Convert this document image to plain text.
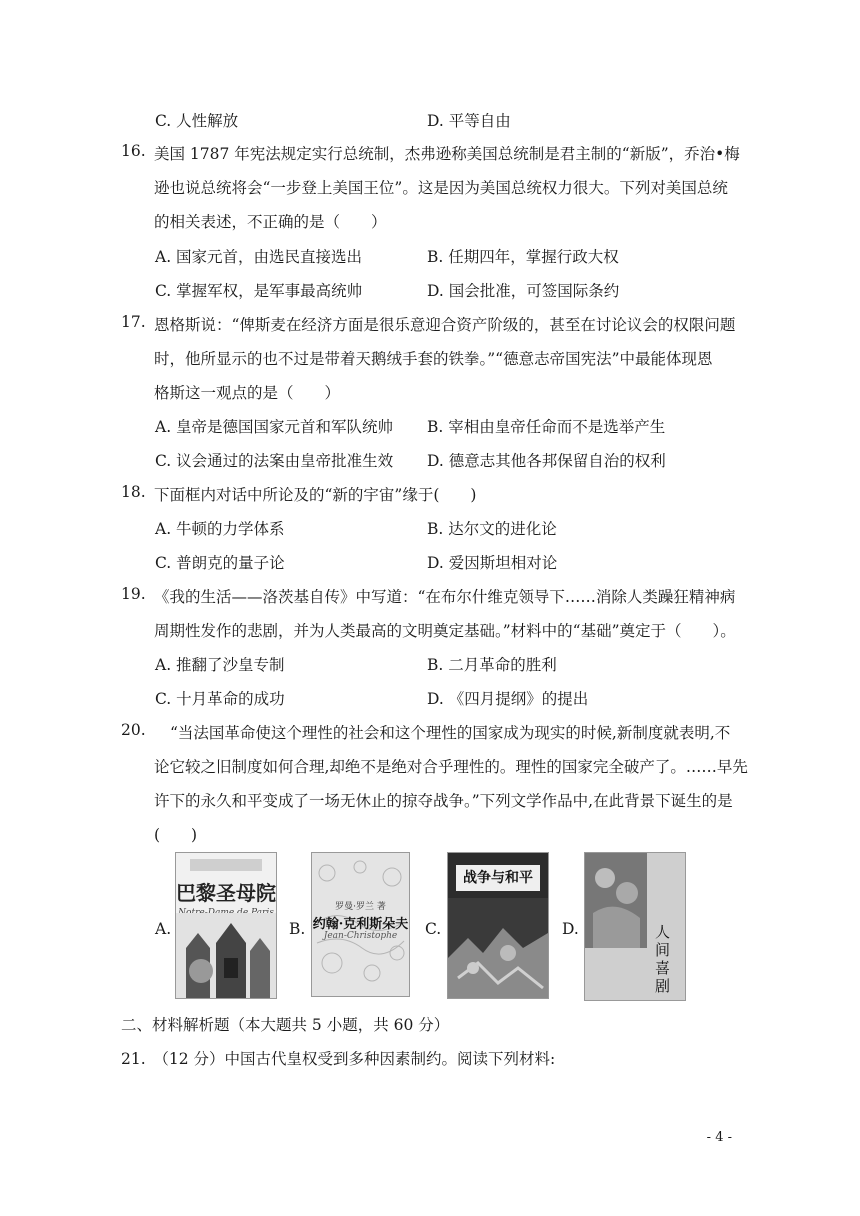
C. 人性解放	D. 平等自由
16. 美国 1787 年宪法规定实行总统制，杰弗逊称美国总统制是君主制的“新版”，乔治•梅
逊也说总统将会“一步登上美国王位”。这是因为美国总统权力很大。下列对美国总统
的相关表述，不正确的是（　　）
A. 国家元首，由选民直接选出	B. 任期四年，掌握行政大权
C. 掌握军权，是军事最高统帅	D. 国会批准，可签国际条约
17. 恩格斯说：“俾斯麦在经济方面是很乐意迎合资产阶级的，甚至在讨论议会的权限问题
时，他所显示的也不过是带着天鹅绒手套的铁拳。”“德意志帝国宪法”中最能体现恩
格斯这一观点的是（　　）
A. 皇帝是德国国家元首和军队统帅 B. 宰相由皇帝任命而不是选举产生
C. 议会通过的法案由皇帝批准生效 D. 德意志其他各邦保留自治的权利
18. 下面框内对话中所论及的“新的宇宙”缘于(　　)
A. 牛顿的力学体系	B. 达尔文的进化论
C. 普朗克的量子论	D. 爱因斯坦相对论
19. 《我的生活——洛茨基自传》中写道：“在布尔什维克领导下……消除人类躁狂精神病
周期性发作的悲剧，并为人类最高的文明奠定基础。”材料中的“基础”奠定于（　　）。
A. 推翻了沙皇专制	B. 二月革命的胜利
C. 十月革命的成功	D. 《四月提纲》的提出
20. “当法国革命使这个理性的社会和这个理性的国家成为现实的时候,新制度就表明,不
论它较之旧制度如何合理,却绝不是绝对合乎理性的。理性的国家完全破产了。……早先
许下的永久和平变成了一场无休止的掠夺战争。”下列文学作品中,在此背景下诞生的是
(　　)
A.
巴黎圣母院
B.
罗曼·罗兰 著
约翰·克利斯朵夫
Jean-Christophe	C.
战争与和平
D.	人
间
喜
剧
二、材料解析题（本大题共 5 小题，共 60 分）
21.　（12 分）中国古代皇权受到多种因素制约。阅读下列材料:
- 4 -
